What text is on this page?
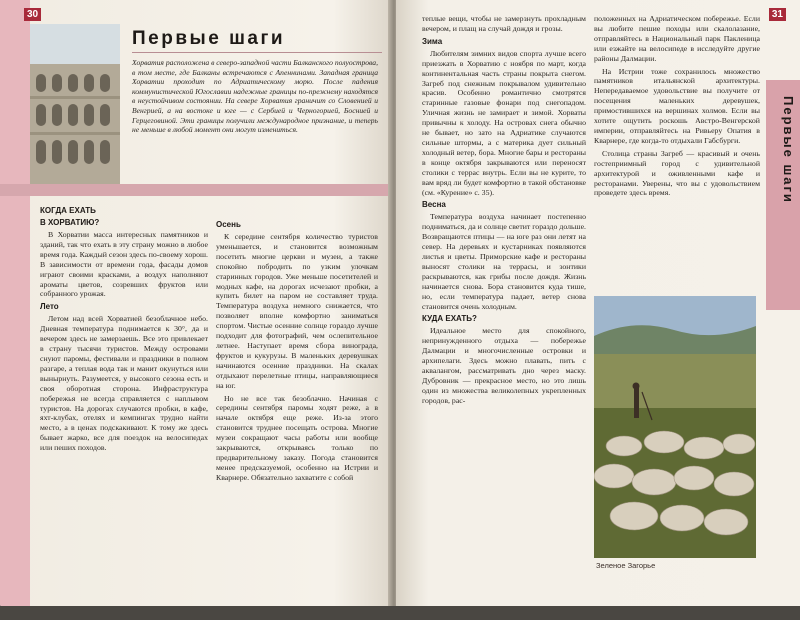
30
Первые шаги
Хорватия расположена в северо-западной части Балканского полуострова, в том месте, где Балканы встречаются с Апеннинами. Западная граница Хорватии проходит по Адриатическому морю. После падения коммунистической Югославии надежные границы по-прежнему находятся в неустойчивом состоянии. На севере Хорватия граничит со Словенией и Венгрией, а на востоке и юге — с Сербией и Черногорией, Боснией и Герцеговиной. Эти границы получили международное признание, и теперь не меньше в любой момент они могут измениться.
КОГДА ЕХАТЬ
В ХОРВАТИЮ?

В Хорватии масса интересных памятников и зданий, так что ехать в эту страну можно в любое время года. Каждый сезон здесь по-своему хорош. В зависимости от времени года, фасады домов играют своими красками, а воздух наполняют ароматы цветов, созревших фруктов или собранного урожая.

Лето

Летом над всей Хорватией безоблачное небо. Дневная температура поднимается к 30°, да и вечером здесь не замерзаешь. Все это привлекает в страну тысячи туристов. Между островами снуют паромы, фестивали и праздники в полном разгаре, а теплая вода так и манит окунуться или вынырнуть. Разумеется, у высокого сезона есть и своя оборотная сторона. Инфраструктура побережья не всегда справляется с наплывом туристов. На дорогах случаются пробки, в кафе, яхт-клубах, отелях и кемпингах трудно найти место, а в ценах подскакивают. К тому же здесь бывает жарко, все для поездок на велосипедах или пеших походов.

Осень

К середине сентября количество туристов уменьшается, и становится возможным посетить многие церкви и музеи, а также спокойно побродить по узким улочкам старинных городов. Уже меньше посетителей и модных кафе, на дорогах исчезают пробки, а купить билет на паром не составляет труда. Температура воздуха немного снижается, что позволяет вполне комфортно заниматься спортом. Чистые осенние солнце гораздо лучше подходит для фотографий, чем ослепительное летнее. Наступает время сбора винограда, фруктов и кукурузы. В маленьких деревушках начинаются осенние праздники. На скалах отдыхают перелетные птицы, направляющиеся на юг.

Но не все так безоблачно. Начиная с середины сентября паромы ходят реже, а в начале октября еще реже. Из-за этого становится труднее посещать острова. Многие музеи сокращают часы работы или вообще закрываются, открываясь только по предварительному заказу. Погода становится менее предсказуемой, особенно на Истрии и Кварнере. Обязательно захватите с собой

31
Первые шаги

теплые вещи, чтобы не замерзнуть прохладным вечером, и плащ на случай дождя и грозы.

Зима

Любителям зимних видов спорта лучше всего приезжать в Хорватию с ноября по март, когда континентальная часть страны покрыта снегом. Загреб под снежным покрывалом удивительно красив. Особенно романтично смотрятся старинные газовые фонари под снегопадом. Уличная жизнь не замирает и зимой. Хорваты привычны к холоду. На островах снега обычно не бывает, но зато на Адриатике случаются сильные штормы, а с материка дует сильный холодный ветер, бора. Многие бары и рестораны в конце октября закрываются или переносят столики с террас внутрь. Если вы не курите, то вам вряд ли будет комфортно в такой обстановке (см. «Курение» с. 35).

Весна

Температура воздуха начинает постепенно подниматься, да и солнце светит гораздо дольше. Возвращаются птицы — на юге раз они летят на север. На деревьях и кустарниках появляются листья и цветы. Приморские кафе и рестораны выносят столики на террасы, и зонтики раскрываются, как грибы после дождя. Жизнь начинается снова. Бора становится куда тише, но, если температура падает, ветер снова становится очень холодным.

КУДА ЕХАТЬ?

Идеальное место для спокойного, непринужденного отдыха — побережье Далмации и многочисленные островки и архипелаги. Здесь можно плавать, пить с аквалангом, рассматривать дно через маску. Дубровник — прекрасное место, но это лишь один из множества великолепных укрепленных городов, рас-

положенных на Адриатическом побережье. Если вы любите пешие походы или скалолазание, отправляйтесь в Национальный парк Пакленица или езжайте на велосипеде в исследуйте другие районы Далмации.

На Истрии тоже сохранилось множество памятников итальянской архитектуры. Непередаваемое удовольствие вы получите от посещения маленьких деревушек, примостившихся на вершинах холмов. Если вы хотите ощутить роскошь Австро-Венгерской империи, отправляйтесь на Ривьеру Опатия в Кварнере, где когда-то отдыхали Габсбурги.

Столица страны Загреб — красивый и очень гостеприимный город с удивительной архитектурой и оживленными кафе и ресторанами. Уверены, что вы с удовольствием проведете здесь время.

Зеленое Загорье
